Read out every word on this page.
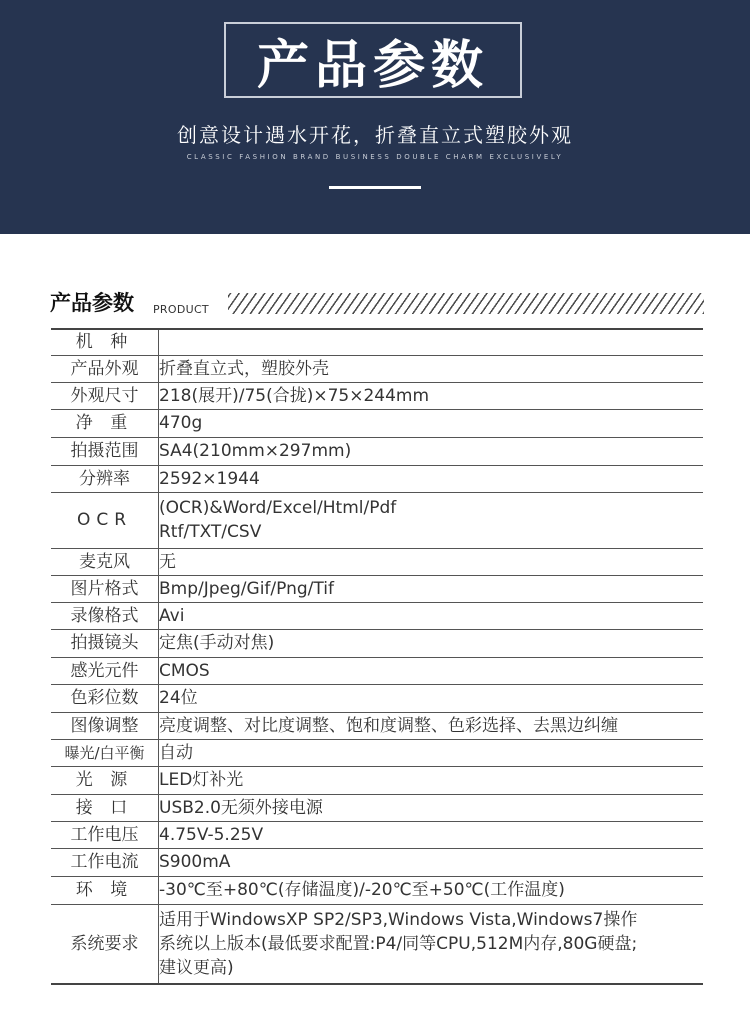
产品参数
创意设计遇水开花，折叠直立式塑胶外观
CLASSIC FASHION BRAND BUSINESS DOUBLE CHARM EXCLUSIVELY
产品参数 PRODUCT
机 种	
产品外观	折叠直立式，塑胶外壳
外观尺寸	218(展开)/75(合拢)×75×244mm
净 重	470g
拍摄范围	SA4(210mm×297mm)
分辨率	2592×1944
OCR	(OCR)&Word/Excel/Html/Pdf
Rtf/TXT/CSV

麦克风	无
图片格式	Bmp/Jpeg/Gif/Png/Tif
录像格式	Avi
拍摄镜头	定焦(手动对焦)
感光元件	CMOS
色彩位数	24位
图像调整	亮度调整、对比度调整、饱和度调整、色彩选择、去黑边纠缠
曝光/白平衡	自动
光 源	LED灯补光
接 口	USB2.0无须外接电源
工作电压	4.75V-5.25V
工作电流	S900mA
环 境	-30℃至+80℃(存储温度)/-20℃至+50℃(工作温度)
系统要求	适用于WindowsXP SP2/SP3,Windows Vista,Windows7操作
系统以上版本(最低要求配置:P4/同等CPU,512M内存,80G硬盘;
建议更高)
